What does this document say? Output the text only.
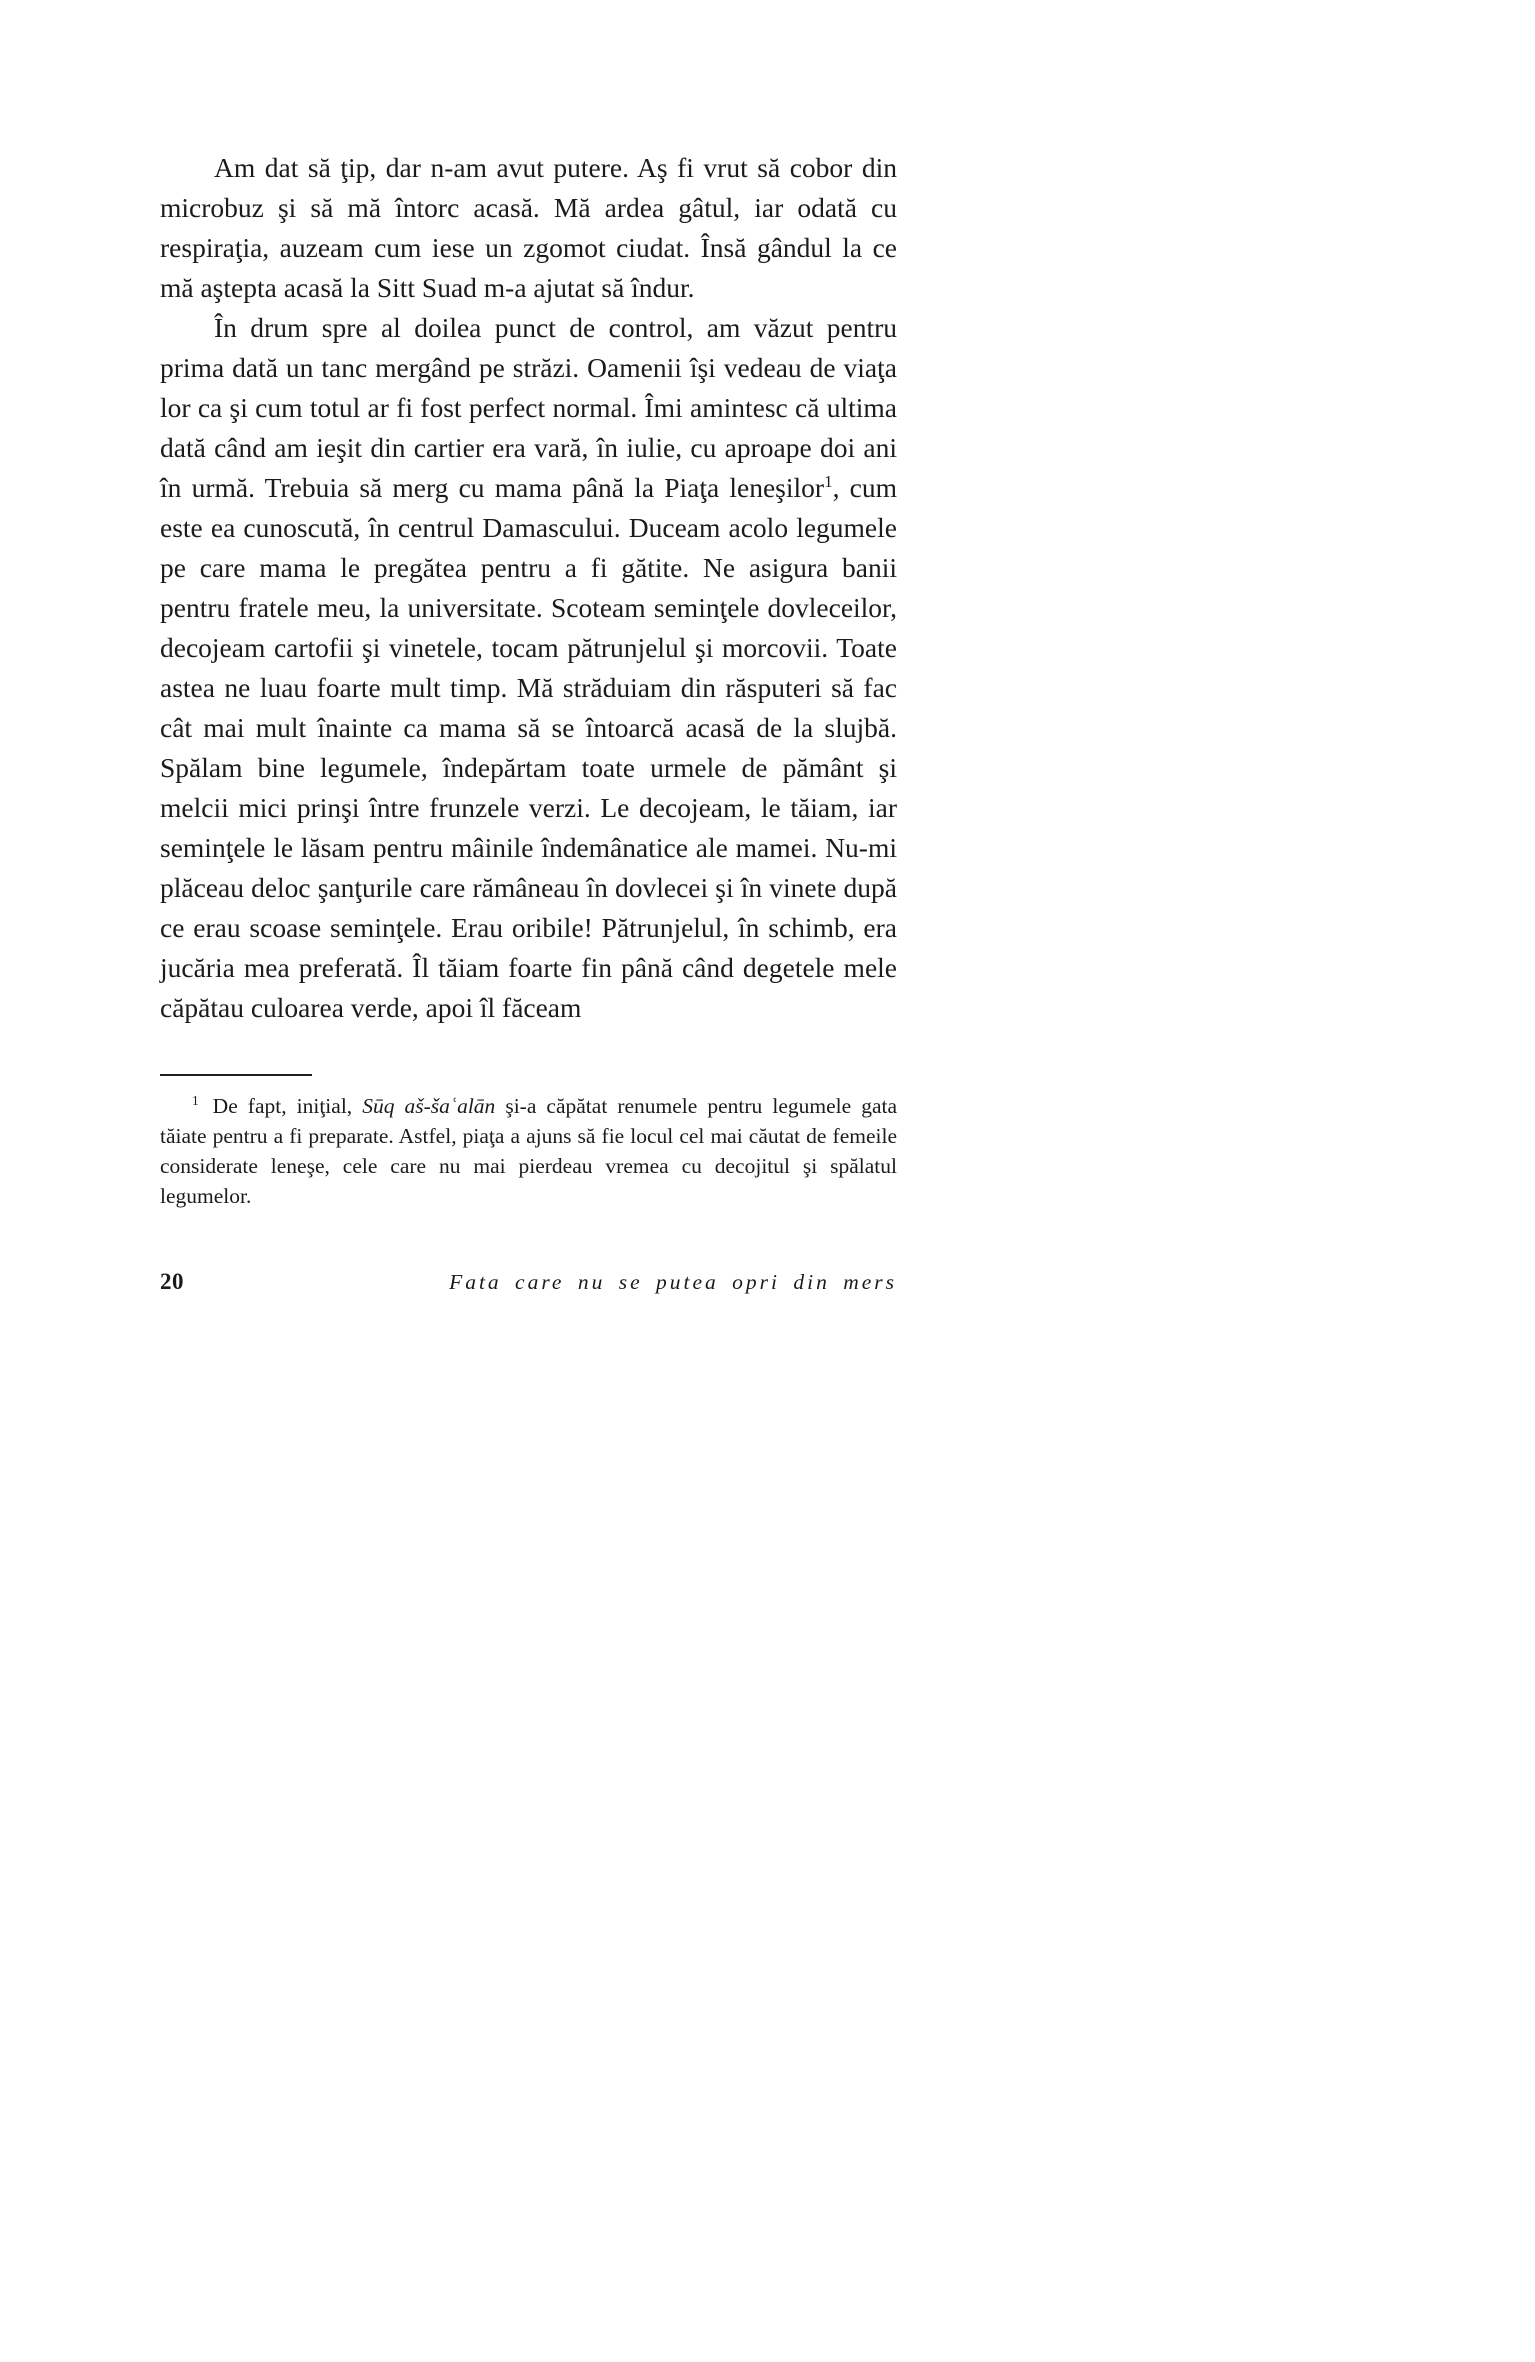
Am dat să ţip, dar n-am avut putere. Aş fi vrut să cobor din microbuz şi să mă întorc acasă. Mă ardea gâtul, iar odată cu respiraţia, auzeam cum iese un zgomot ciudat. Însă gândul la ce mă aştepta acasă la Sitt Suad m-a ajutat să îndur.

În drum spre al doilea punct de control, am văzut pentru prima dată un tanc mergând pe străzi. Oamenii îşi vedeau de viaţa lor ca şi cum totul ar fi fost perfect normal. Îmi amintesc că ultima dată când am ieşit din cartier era vară, în iulie, cu aproape doi ani în urmă. Trebuia să merg cu mama până la Piaţa leneşilor$^1$, cum este ea cunoscută, în centrul Damascului. Duceam acolo legumele pe care mama le pregătea pentru a fi gătite. Ne asigura banii pentru fratele meu, la universitate. Scoteam seminţele dovleceilor, decojeam cartofii şi vinetele, tocam pătrunjelul şi morcovii. Toate astea ne luau foarte mult timp. Mă străduiam din răsputeri să fac cât mai mult înainte ca mama să se întoarcă acasă de la slujbă. Spălam bine legumele, îndepărtam toate urmele de pământ şi melcii mici prinşi între frunzele verzi. Le decojeam, le tăiam, iar seminţele le lăsam pentru mâinile îndemânatice ale mamei. Nu-mi plăceau deloc şanţurile care rămâneau în dovlecei şi în vinete după ce erau scoase seminţele. Erau oribile! Pătrunjelul, în schimb, era jucăria mea preferată. Îl tăiam foarte fin până când degetele mele căpătau culoarea verde, apoi îl făceam

$^1$ De fapt, iniţial, Sūq aš-šaʿalān şi-a căpătat renumele pentru legumele gata tăiate pentru a fi preparate. Astfel, piaţa a ajuns să fie locul cel mai căutat de femeile considerate leneşe, cele care nu mai pierdeau vremea cu decojitul şi spălatul legumelor.

20	Fata care nu se putea opri din mers
